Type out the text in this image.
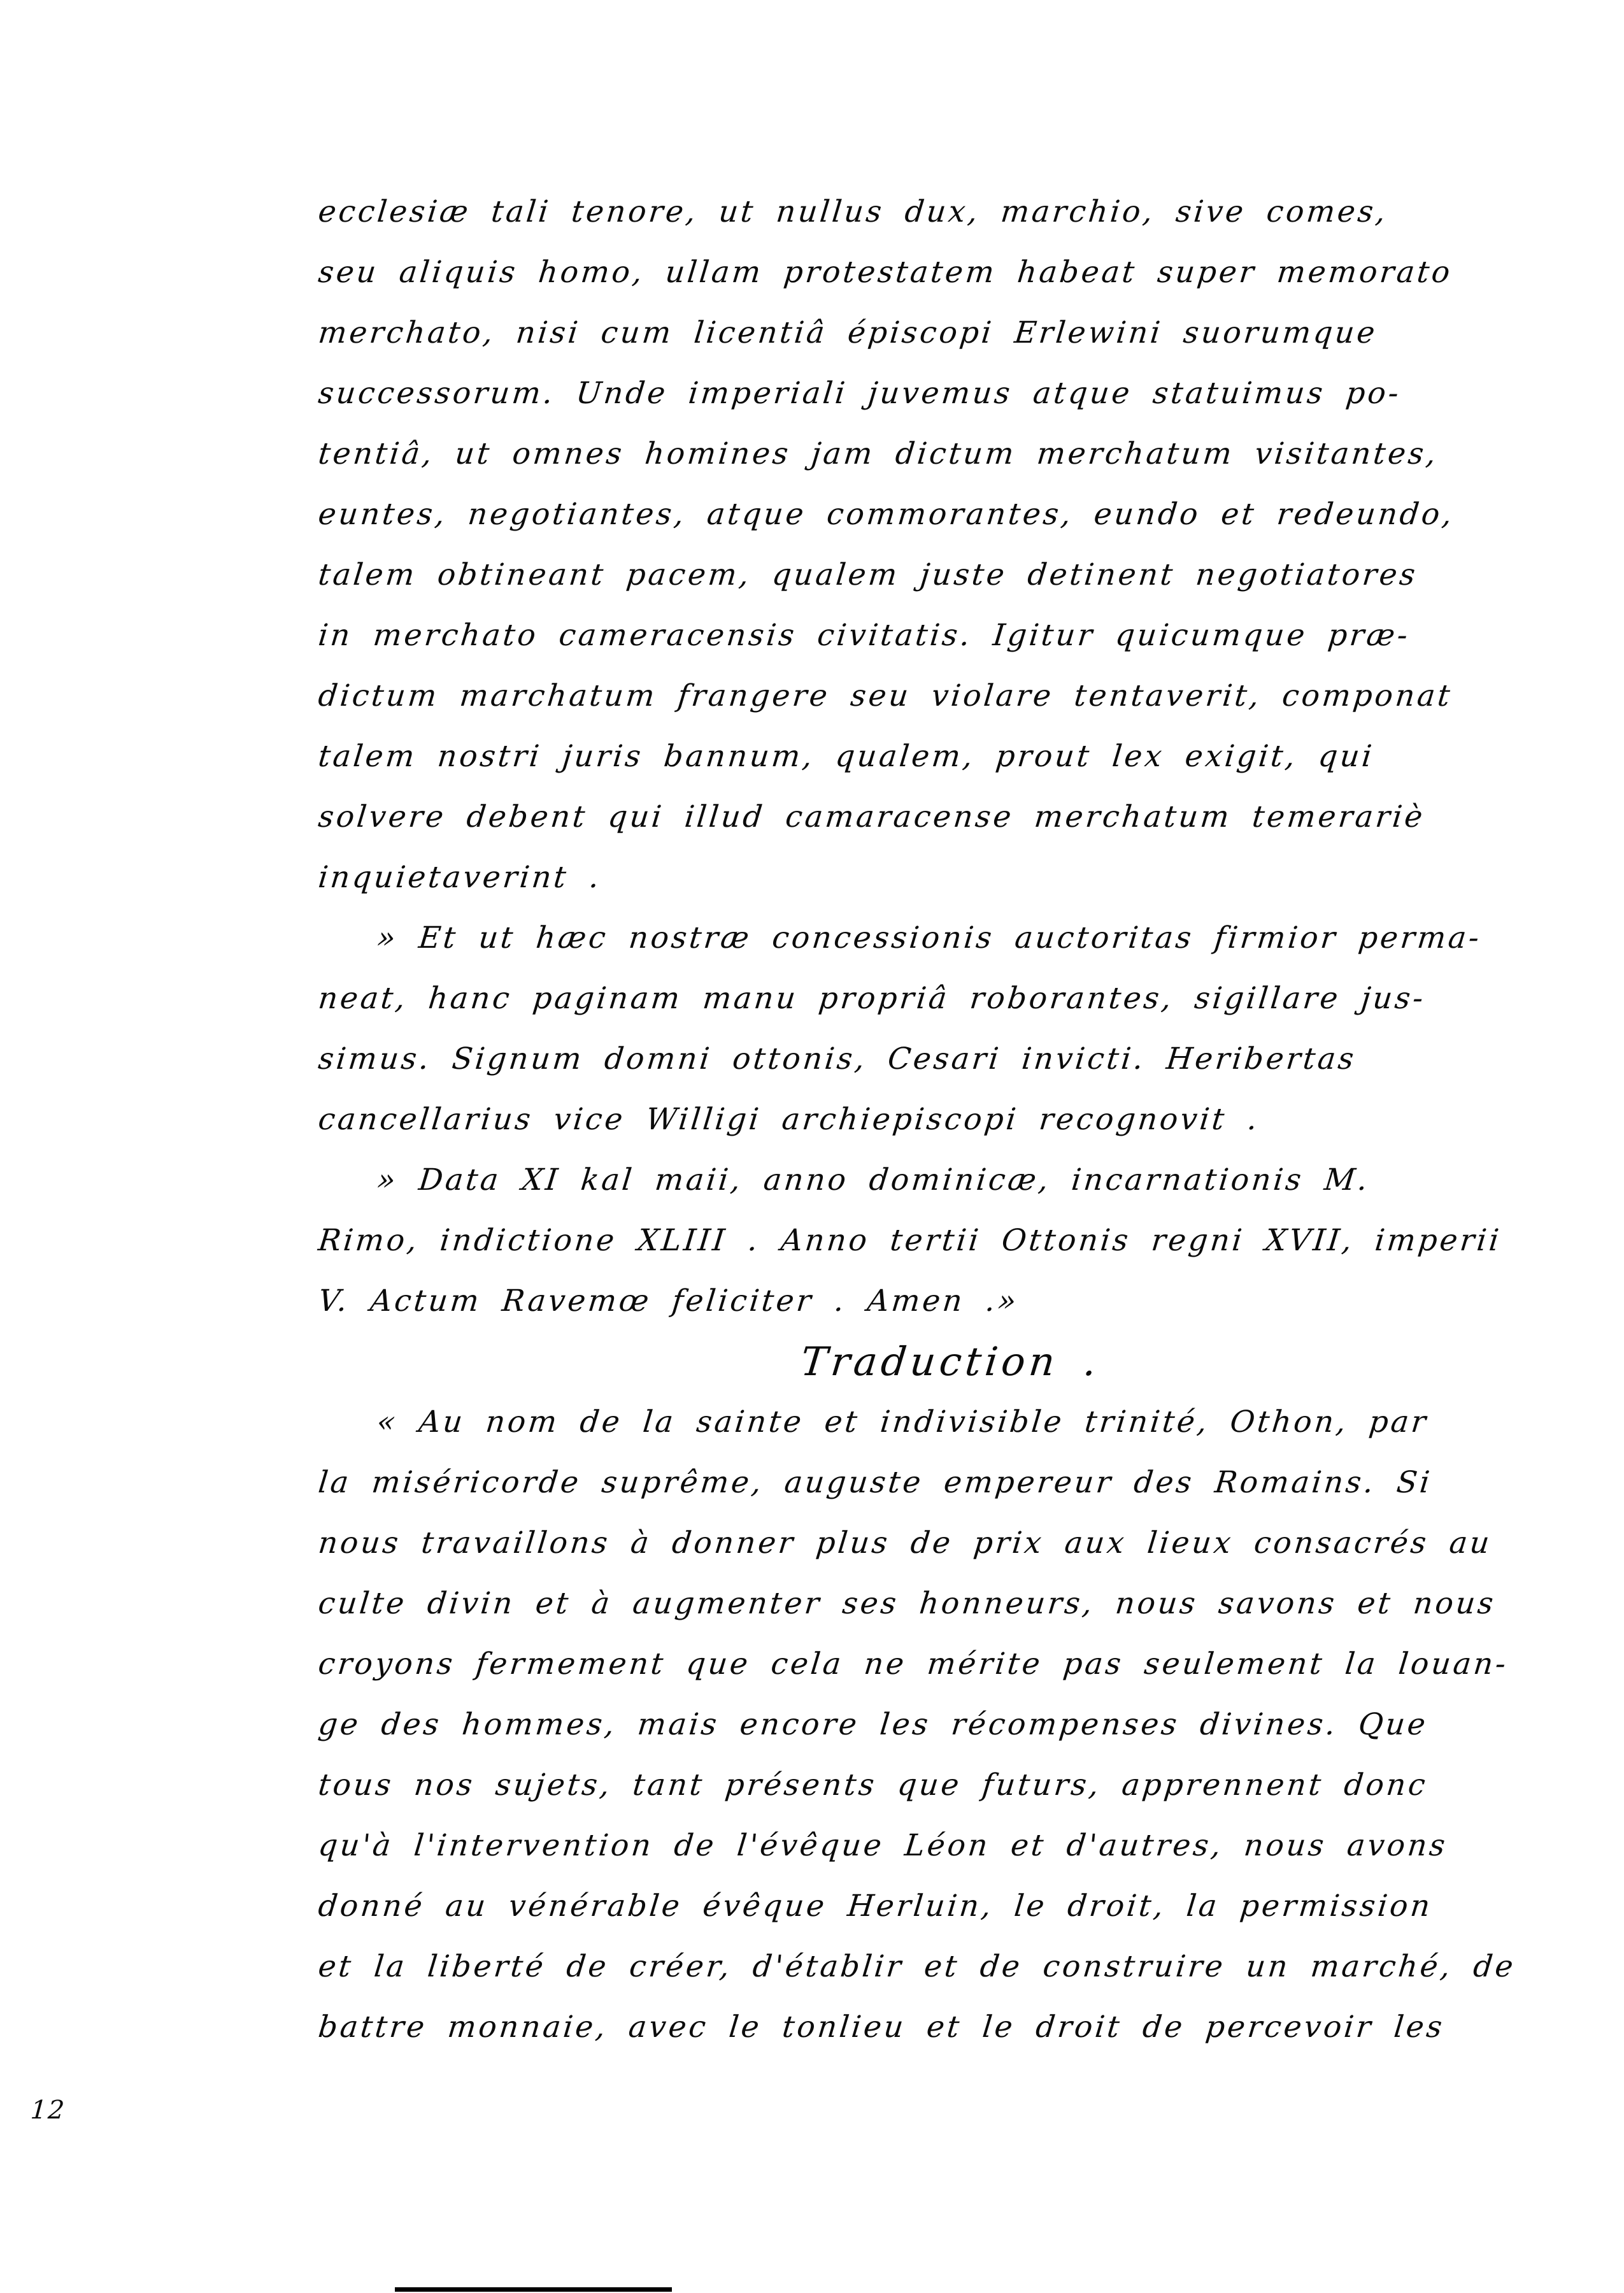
ecclesiæ tali tenore, ut nullus dux, marchio, sive comes,
seu aliquis homo, ullam protestatem habeat super memorato
merchato, nisi cum licentiâ épiscopi Erlewini suorumque
successorum. Unde imperiali juvemus atque statuimus po-
tentiâ, ut omnes homines jam dictum merchatum visitantes,
euntes, negotiantes, atque commorantes, eundo et redeundo,
talem obtineant pacem, qualem juste detinent negotiatores
in merchato cameracensis civitatis. Igitur quicumque præ-
dictum marchatum frangere seu violare tentaverit, componat
talem nostri juris bannum, qualem, prout lex exigit, qui
solvere debent qui illud camaracense merchatum temerariè
inquietaverint .
» Et ut hæc nostræ concessionis auctoritas firmior perma-
neat, hanc paginam manu propriâ roborantes, sigillare jus-
simus. Signum domni ottonis, Cesari invicti. Heribertas
cancellarius vice Willigi archiepiscopi recognovit .
» Data XI kal maii, anno dominicæ, incarnationis M.
Rimo, indictione XLIII . Anno tertii Ottonis regni XVII, imperii
V. Actum Ravemœ feliciter . Amen .»
Traduction .
« Au nom de la sainte et indivisible trinité, Othon, par
la miséricorde suprême, auguste empereur des Romains. Si
nous travaillons à donner plus de prix aux lieux consacrés au
culte divin et à augmenter ses honneurs, nous savons et nous
croyons fermement que cela ne mérite pas seulement la louan-
ge des hommes, mais encore les récompenses divines. Que
tous nos sujets, tant présents que futurs, apprennent donc
qu'à l'intervention de l'évêque Léon et d'autres, nous avons
donné au vénérable évêque Herluin, le droit, la permission
et la liberté de créer, d'établir et de construire un marché, de
battre monnaie, avec le tonlieu et le droit de percevoir les
12
